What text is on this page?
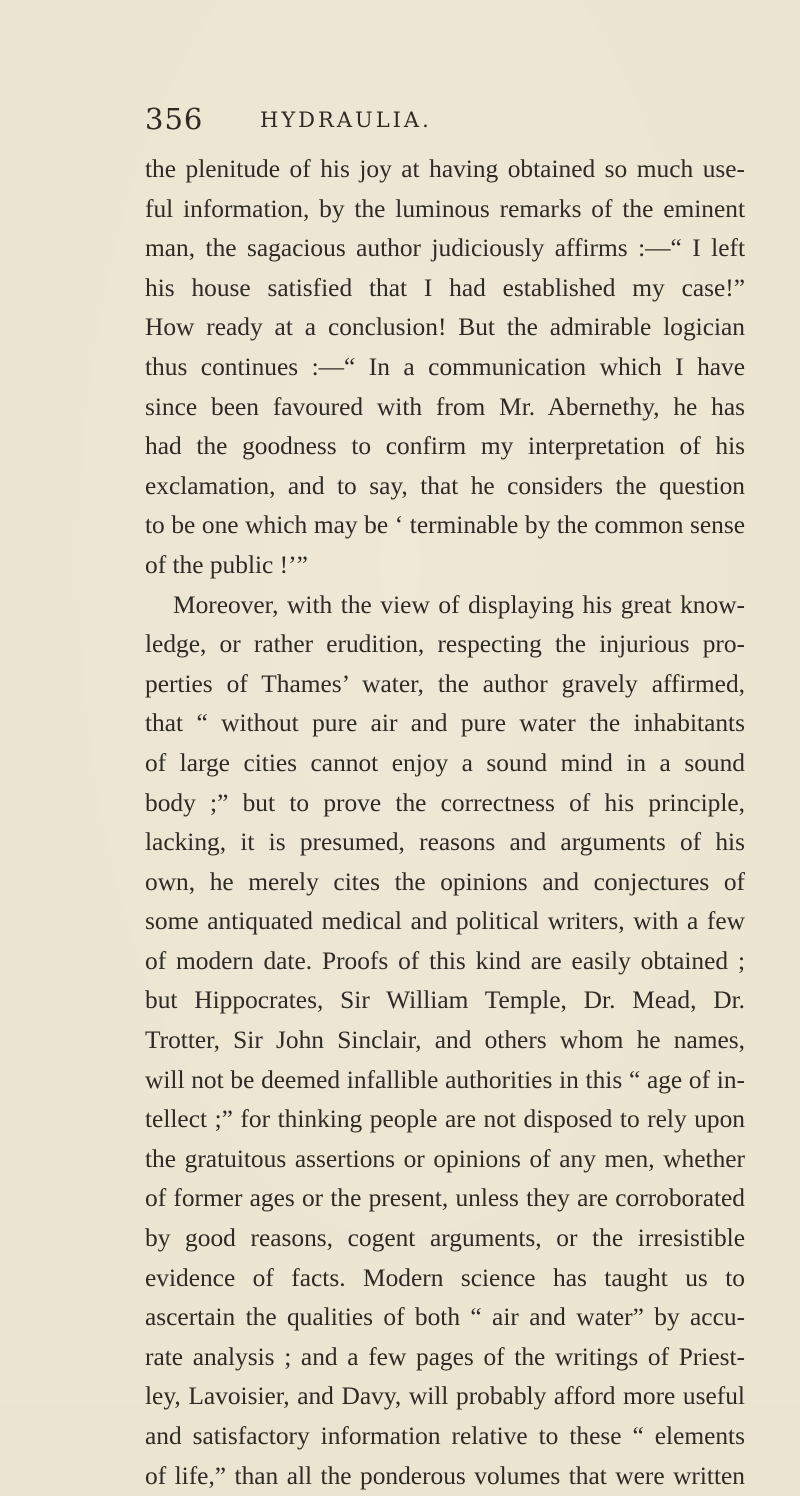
356	HYDRAULIA.
the plenitude of his joy at having obtained so much use-
ful information, by the luminous remarks of the eminent
man, the sagacious author judiciously affirms :—“ I left
his house satisfied that I had established my case!”
How ready at a conclusion! But the admirable logician
thus continues :—“ In a communication which I have
since been favoured with from Mr. Abernethy, he has
had the goodness to confirm my interpretation of his
exclamation, and to say, that he considers the question
to be one which may be ‘ terminable by the common sense
of the public !’”
Moreover, with the view of displaying his great know-
ledge, or rather erudition, respecting the injurious pro-
perties of Thames’ water, the author gravely affirmed,
that “ without pure air and pure water the inhabitants
of large cities cannot enjoy a sound mind in a sound
body ;” but to prove the correctness of his principle,
lacking, it is presumed, reasons and arguments of his
own, he merely cites the opinions and conjectures of
some antiquated medical and political writers, with a few
of modern date. Proofs of this kind are easily obtained ;
but Hippocrates, Sir William Temple, Dr. Mead, Dr.
Trotter, Sir John Sinclair, and others whom he names,
will not be deemed infallible authorities in this “ age of in-
tellect ;” for thinking people are not disposed to rely upon
the gratuitous assertions or opinions of any men, whether
of former ages or the present, unless they are corroborated
by good reasons, cogent arguments, or the irresistible
evidence of facts. Modern science has taught us to
ascertain the qualities of both “ air and water” by accu-
rate analysis ; and a few pages of the writings of Priest-
ley, Lavoisier, and Davy, will probably afford more useful
and satisfactory information relative to these “ elements
of life,” than all the ponderous volumes that were written
